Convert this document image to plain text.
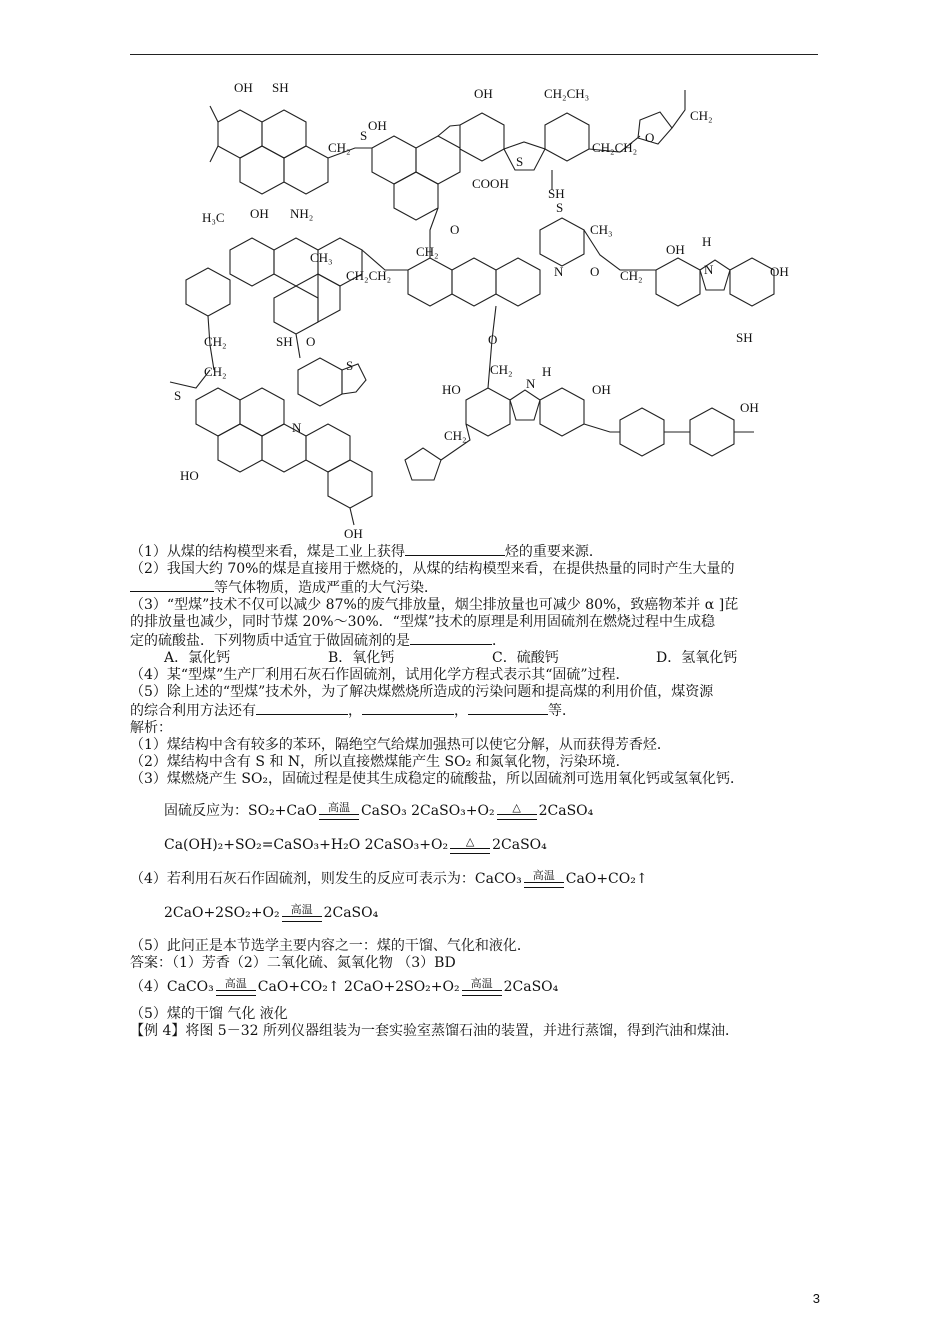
OH SH
SH
OH NH₂
CH₂
OH
OH	CH₂CH₃
CH₂CH₂
CH₂
COOH
S
O
CH₂
O
H₃C
CH₃
CH₂CH₂
S
CH₃
N O CH₂
OH
H
N	OH
SH
CH₂	SH O
S
S
CH₂	CH₂
O
HO
H
N	OH
CH₂
OH
N
HO
OH
S
（1）从煤的结构模型来看，煤是工业上获得	烃的重要来源．
（2）我国大约 70%的煤是直接用于燃烧的，从煤的结构模型来看，在提供热量的同时产生大量的
等气体物质，造成严重的大气污染．
（3）“型煤”技术不仅可以减少 87%的废气排放量，烟尘排放量也可减少 80%，致癌物苯并 α ]芘
的排放量也减少，同时节煤 20%～30%．“型煤”技术的原理是利用固硫剂在燃烧过程中生成稳
定的硫酸盐．下列物质中适宜于做固硫剂的是	．
A．氯化钙	B．氧化钙	C．硫酸钙	D．氢氧化钙
（4）某“型煤”生产厂利用石灰石作固硫剂，试用化学方程式表示其“固硫”过程．
（5）除上述的“型煤”技术外，为了解决煤燃烧所造成的污染问题和提高煤的利用价值，煤资源
的综合利用方法还有	，	，	等．
解析：
（1）煤结构中含有较多的苯环，隔绝空气给煤加强热可以使它分解，从而获得芳香烃．
（2）煤结构中含有 S 和 N，所以直接燃煤能产生 SO₂ 和氮氧化物，污染环境．
（3）煤燃烧产生 SO₂，固硫过程是使其生成稳定的硫酸盐，所以固硫剂可选用氧化钙或氢氧化钙．
固硫反应为：SO₂+CaO 高温 CaSO₃ 2CaSO₃+O₂ △ 2CaSO₄
Ca(OH)₂+SO₂=CaSO₃+H₂O 2CaSO₃+O₂ △ 2CaSO₄
（4）若利用石灰石作固硫剂，则发生的反应可表示为：CaCO₃ 高温 CaO+CO₂↑
2CaO+2SO₂+O₂ 高温 2CaSO₄
（5）此问正是本节选学主要内容之一：煤的干馏、气化和液化．
答案：（1）芳香（2）二氧化硫、氮氧化物 （3）BD
（4）CaCO₃ 高温 CaO+CO₂↑ 2CaO+2SO₂+O₂ 高温 2CaSO₄
（5）煤的干馏 气化 液化
【例 4】将图 5－32 所列仪器组装为一套实验室蒸馏石油的装置，并进行蒸馏，得到汽油和煤油．
3
